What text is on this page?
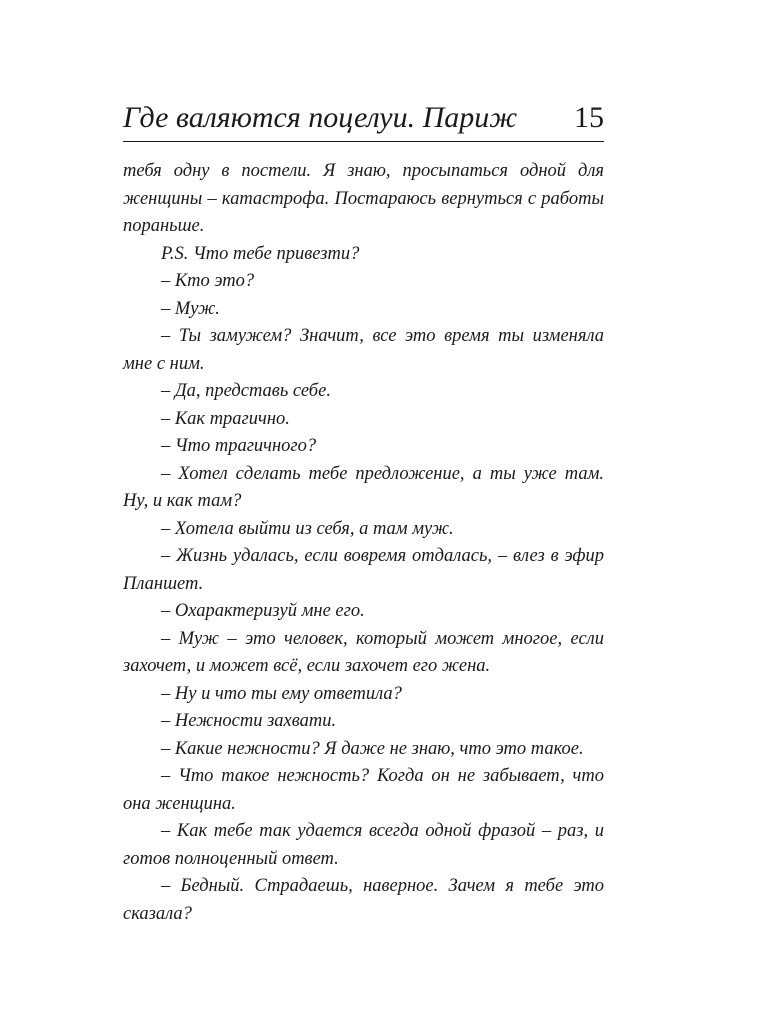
Где валяются поцелуи. Париж 15

тебя одну в постели. Я знаю, просыпаться одной для женщины – катастрофа. Постараюсь вернуться с работы пораньше.

P.S. Что тебе привезти?

– Кто это?

– Муж.

– Ты замужем? Значит, все это время ты изменяла мне с ним.

– Да, представь себе.

– Как трагично.

– Что трагичного?

– Хотел сделать тебе предложение, а ты уже там. Ну, и как там?

– Хотела выйти из себя, а там муж.

– Жизнь удалась, если вовремя отдалась, – влез в эфир Планшет.

– Охарактеризуй мне его.

– Муж – это человек, который может многое, если захочет, и может всё, если захочет его жена.

– Ну и что ты ему ответила?

– Нежности захвати.

– Какие нежности? Я даже не знаю, что это такое.

– Что такое нежность? Когда он не забывает, что она женщина.

– Как тебе так удается всегда одной фразой – раз, и готов полноценный ответ.

– Бедный. Страдаешь, наверное. Зачем я тебе это сказала?
